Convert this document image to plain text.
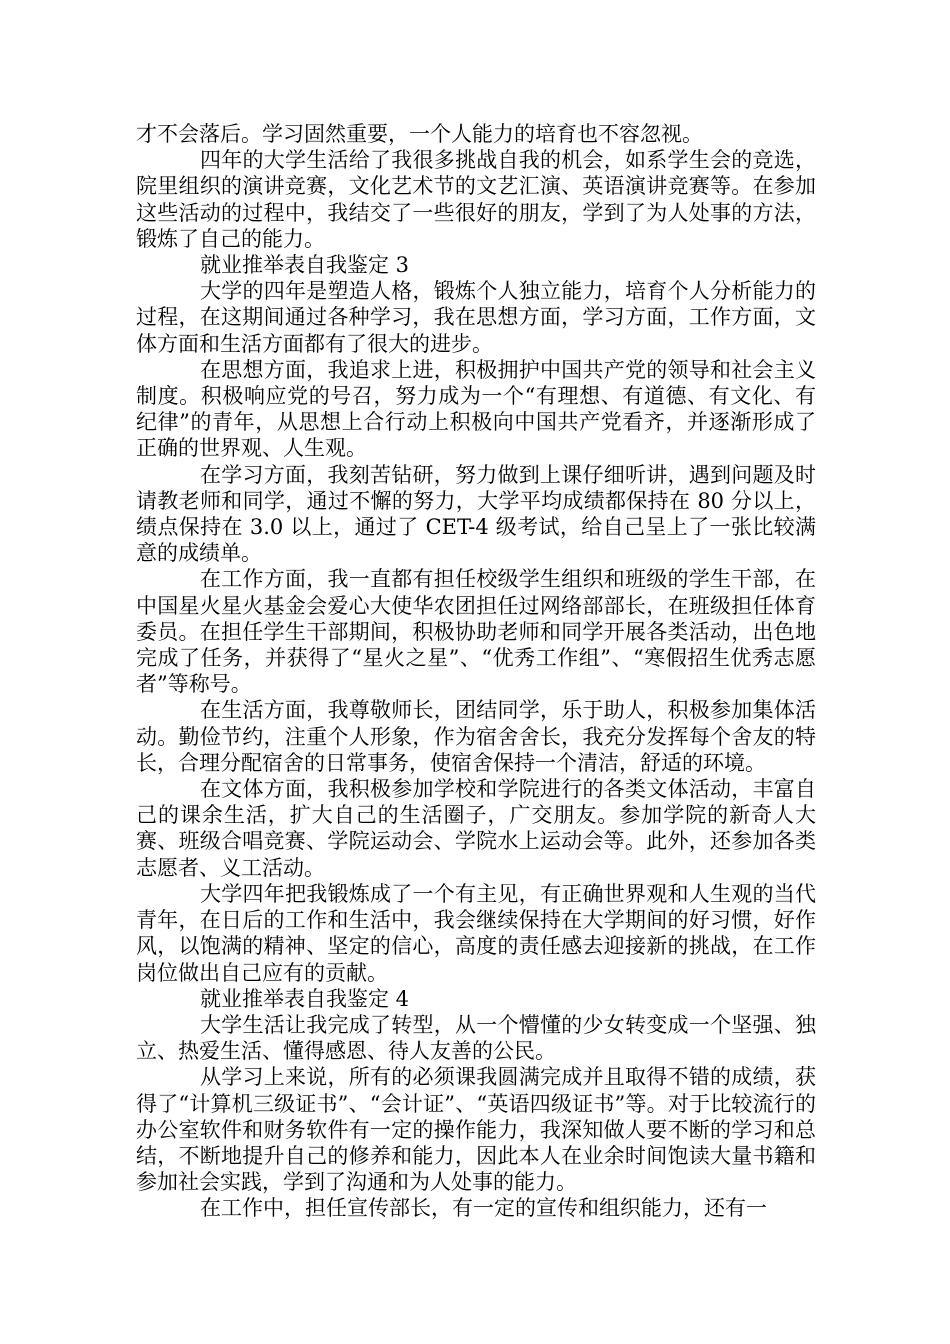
才不会落后。学习固然重要，一个人能力的培育也不容忽视。

四年的大学生活给了我很多挑战自我的机会，如系学生会的竞选，院里组织的演讲竞赛，文化艺术节的文艺汇演、英语演讲竞赛等。在参加这些活动的过程中，我结交了一些很好的朋友，学到了为人处事的方法，锻炼了自己的能力。

就业推举表自我鉴定 3

大学的四年是塑造人格，锻炼个人独立能力，培育个人分析能力的过程，在这期间通过各种学习，我在思想方面，学习方面，工作方面，文体方面和生活方面都有了很大的进步。

在思想方面，我追求上进，积极拥护中国共产党的领导和社会主义制度。积极响应党的号召，努力成为一个“有理想、有道德、有文化、有纪律”的青年，从思想上合行动上积极向中国共产党看齐，并逐渐形成了正确的世界观、人生观。

在学习方面，我刻苦钻研，努力做到上课仔细听讲，遇到问题及时请教老师和同学，通过不懈的努力，大学平均成绩都保持在 80 分以上，绩点保持在 3.0 以上，通过了 CET-4 级考试，给自己呈上了一张比较满意的成绩单。

在工作方面，我一直都有担任校级学生组织和班级的学生干部，在中国星火星火基金会爱心大使华农团担任过网络部部长，在班级担任体育委员。在担任学生干部期间，积极协助老师和同学开展各类活动，出色地完成了任务，并获得了“星火之星”、“优秀工作组”、“寒假招生优秀志愿者”等称号。

在生活方面，我尊敬师长，团结同学，乐于助人，积极参加集体活动。勤俭节约，注重个人形象，作为宿舍舍长，我充分发挥每个舍友的特长，合理分配宿舍的日常事务，使宿舍保持一个清洁，舒适的环境。

在文体方面，我积极参加学校和学院进行的各类文体活动，丰富自己的课余生活，扩大自己的生活圈子，广交朋友。参加学院的新奇人大赛、班级合唱竞赛、学院运动会、学院水上运动会等。此外，还参加各类志愿者、义工活动。

大学四年把我锻炼成了一个有主见，有正确世界观和人生观的当代青年，在日后的工作和生活中，我会继续保持在大学期间的好习惯，好作风，以饱满的精神、坚定的信心，高度的责任感去迎接新的挑战，在工作岗位做出自己应有的贡献。

就业推举表自我鉴定 4

大学生活让我完成了转型，从一个懵懂的少女转变成一个坚强、独立、热爱生活、懂得感恩、待人友善的公民。

从学习上来说，所有的必须课我圆满完成并且取得不错的成绩，获得了“计算机三级证书”、“会计证”、“英语四级证书”等。对于比较流行的办公室软件和财务软件有一定的操作能力，我深知做人要不断的学习和总结，不断地提升自己的修养和能力，因此本人在业余时间饱读大量书籍和参加社会实践，学到了沟通和为人处事的能力。

在工作中，担任宣传部长，有一定的宣传和组织能力，还有一
